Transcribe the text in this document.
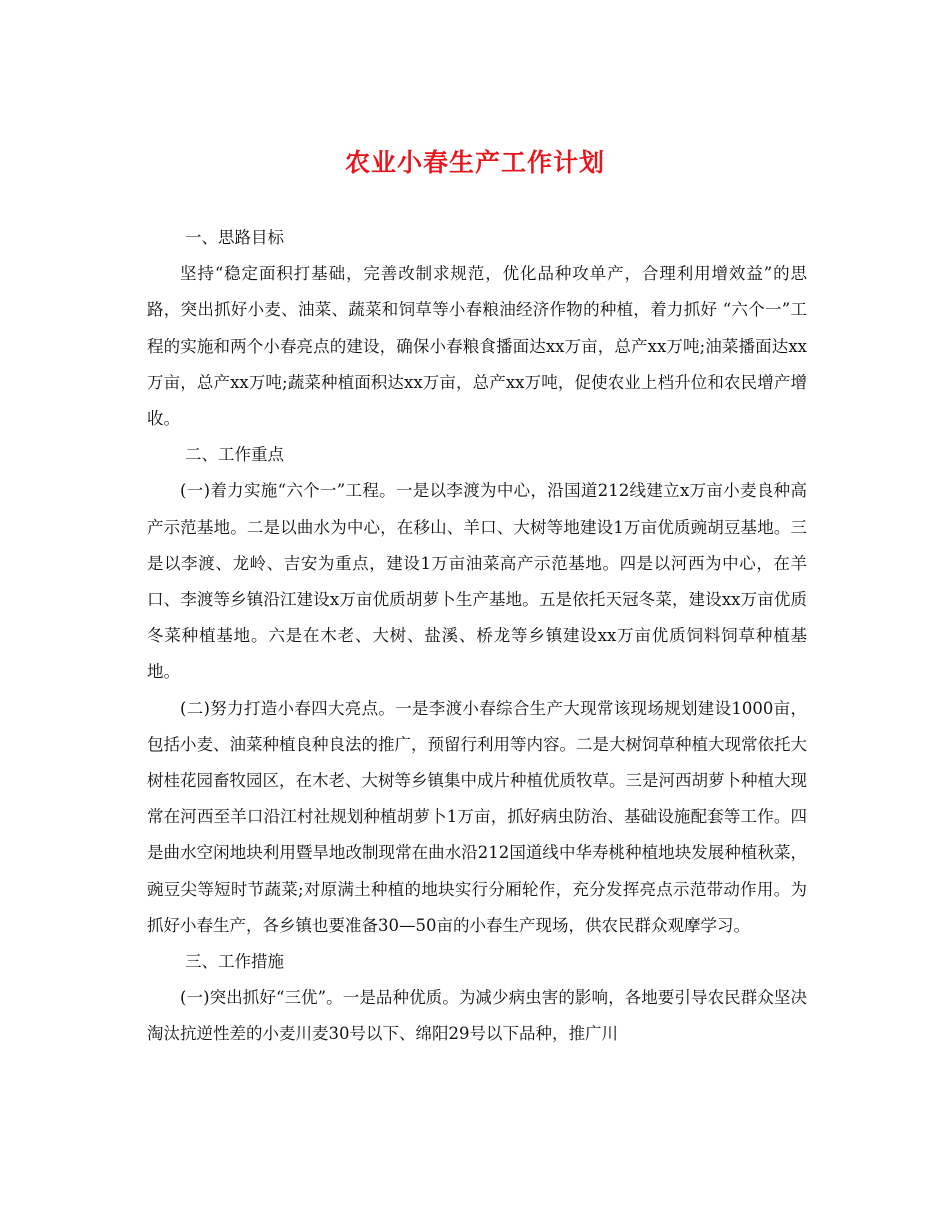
农业小春生产工作计划

一、思路目标

坚持“稳定面积打基础，完善改制求规范，优化品种攻单产，合理利用增效益”的思路，突出抓好小麦、油菜、蔬菜和饲草等小春粮油经济作物的种植，着力抓好 “六个一”工程的实施和两个小春亮点的建设，确保小春粮食播面达xx万亩，总产xx万吨;油菜播面达xx万亩，总产xx万吨;蔬菜种植面积达xx万亩，总产xx万吨，促使农业上档升位和农民增产增收。

二、工作重点

(一)着力实施“六个一”工程。一是以李渡为中心，沿国道212线建立x万亩小麦良种高产示范基地。二是以曲水为中心，在移山、羊口、大树等地建设1万亩优质豌胡豆基地。三是以李渡、龙岭、吉安为重点，建设1万亩油菜高产示范基地。四是以河西为中心，在羊口、李渡等乡镇沿江建设x万亩优质胡萝卜生产基地。五是依托天冠冬菜，建设xx万亩优质冬菜种植基地。六是在木老、大树、盐溪、桥龙等乡镇建设xx万亩优质饲料饲草种植基地。

(二)努力打造小春四大亮点。一是李渡小春综合生产大现常该现场规划建设1000亩，包括小麦、油菜种植良种良法的推广，预留行利用等内容。二是大树饲草种植大现常依托大树桂花园畜牧园区，在木老、大树等乡镇集中成片种植优质牧草。三是河西胡萝卜种植大现常在河西至羊口沿江村社规划种植胡萝卜1万亩，抓好病虫防治、基础设施配套等工作。四是曲水空闲地块利用暨旱地改制现常在曲水沿212国道线中华寿桃种植地块发展种植秋菜，豌豆尖等短时节蔬菜;对原满土种植的地块实行分厢轮作，充分发挥亮点示范带动作用。为抓好小春生产，各乡镇也要准备30—50亩的小春生产现场，供农民群众观摩学习。

三、工作措施

(一)突出抓好“三优”。一是品种优质。为减少病虫害的影响，各地要引导农民群众坚决淘汰抗逆性差的小麦川麦30号以下、绵阳29号以下品种，推广川
